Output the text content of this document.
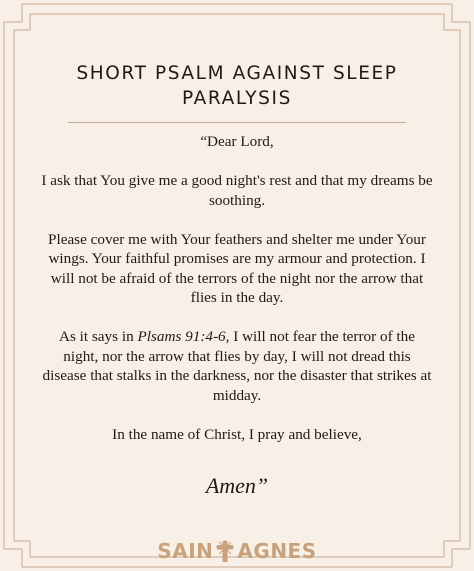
SHORT PSALM AGAINST SLEEP PARALYSIS

“Dear Lord,

I ask that You give me a good night's rest and that my dreams be soothing.

Please cover me with Your feathers and shelter me under Your wings. Your faithful promises are my armour and protection. I will not be afraid of the terrors of the night nor the arrow that flies in the day.

As it says in Plsams 91:4-6, I will not fear the terror of the night, nor the arrow that flies by day, I will not dread this disease that stalks in the darkness, nor the disaster that strikes at midday.

In the name of Christ, I pray and believe,

Amen”
SAIN AGNES
